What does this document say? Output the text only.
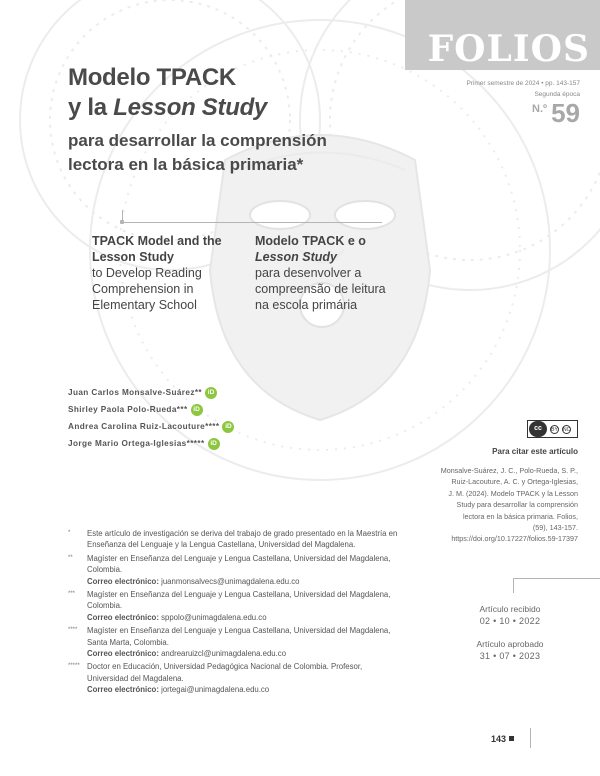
FOLIOS
Primer semestre de 2024 • pp. 143-157
Segunda época
$^{N.º}$ 59
Modelo TPACK
y la Lesson Study
para desarrollar la comprensión
lectora en la básica primaria*
TPACK Model and the
Lesson Study
to Develop Reading
Comprehension in
Elementary School
Modelo TPACK e o
Lesson Study
para desenvolver a
compreensão de leitura
na escola primária
Juan Carlos Monsalve-Suárez** iD
Shirley Paola Polo-Rueda*** iD
Andrea Carolina Ruiz-Lacouture**** iD
Jorge Mario Ortega-Iglesias***** iD
cc	BY NC
Para citar este artículo
Monsalve-Suárez, J. C., Polo-Rueda, S. P.,
Ruiz-Lacouture, A. C. y Ortega-Iglesias,
J. M. (2024). Modelo TPACK y la Lesson
Study para desarrollar la comprensión
lectora en la básica primaria. Folios,
(59), 143-157.
https://doi.org/10.17227/folios.59-17397
Artículo recibido
02 • 10 • 2022
Artículo aprobado
31 • 07 • 2023
* Este artículo de investigación se deriva del trabajo de grado presentado en la Maestría en Enseñanza del Lenguaje y la Lengua Castellana, Universidad del Magdalena.
** Magíster en Enseñanza del Lenguaje y Lengua Castellana, Universidad del Magdalena, Colombia.
Correo electrónico: juanmonsalvecs@unimagdalena.edu.co
*** Magíster en Enseñanza del Lenguaje y Lengua Castellana, Universidad del Magdalena, Colombia.
Correo electrónico: sppolo@unimagdalena.edu.co
**** Magíster en Enseñanza del Lenguaje y Lengua Castellana, Universidad del Magdalena, Santa Marta, Colombia.
Correo electrónico: andrearuizcl@unimagdalena.edu.co
***** Doctor en Educación, Universidad Pedagógica Nacional de Colombia. Profesor, Universidad del Magdalena.
Correo electrónico: jortegai@unimagdalena.edu.co
143
